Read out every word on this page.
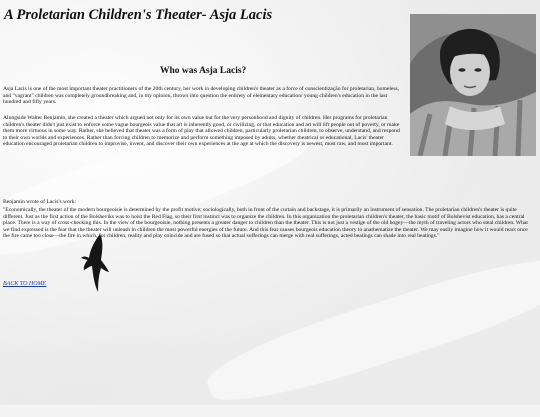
A Proletarian Children's Theater- Asja Lacis
Who was Asja Lacis?

Asja Lacis is one of the most important theater practitioners of the 20th century, her work in developing children's theater as a force of conscientização for proletarian, homeless, and "vagrant" children was completely groundbreaking and, in my opinion, throws into question the entirety of elementary education/ young children's education in the last hundred and fifty years.

Alongside Walter Benjamin, she created a theater which argued not only for its own value but for the very personhood and dignity of children. Her programs for proletarian children's theater didn't just exist to enforce some vague bourgeois value that art is inherently good, or civilizing, or that education and art will lift people out of poverty, or make them more virtuous in some way. Rather, she believed that theater was a form of play that allowed children, particularly proletarian children, to observe, understand, and respond to their own worlds and experiences. Rather than forcing children to memorize and perform something imposed by adults, whether theatrical or educational, Lacis' theater education encouraged proletarian children to improvise, invent, and discover their own experiences at the age at which the discovery is newest, most raw, and most important.

Benjamin wrote of Lacis's work:

"Economically, the theater of the modern bourgeoisie is determined by the profit motive; sociologically, both in front of the curtain and backstage, it is primarily an instrument of sensation. The proletarian children's theater is quite different. Just as the first action of the Bolsheviks was to hoist the Red Flag, so their first instinct was to organize the children. In this organization the proletarian children's theater, the basic motif of Bolshevist education, has a central place. There is a way of cross-checking this. In the view of the bourgeoisie, nothing presents a greater danger to children than the theater. This is not just a vestige of the old bogey—the myth of traveling actors who steal children. What we find expressed is the fear that the theater will unleash in children the most powerful energies of the future. And this fear causes bourgeois education theory to anathematize the theater. We may easily imagine how it would react once the fire came too close—the fire in which, for children, reality and play coincide and are fused so that actual sufferings can merge with real sufferings, acted beatings can shade into real beatings."

BACK TO HOME
